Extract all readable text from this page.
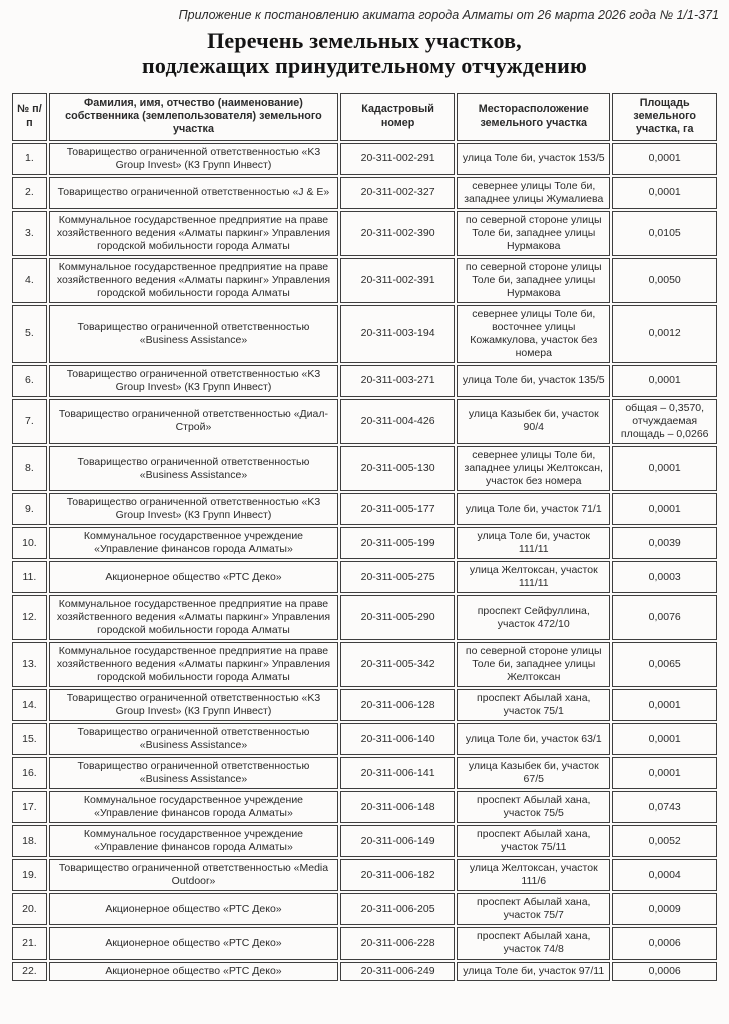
Приложение к постановлению акимата города Алматы от 26 марта 2026 года № 1/1-371
Перечень земельных участков,
подлежащих принудительному отчуждению
№ п/п	Фамилия, имя, отчество (наименование) собственника (землепользователя) земельного участка	Кадастровый номер	Месторасположение земельного участка	Площадь земельного участка, га
1.	Товарищество ограниченной ответственностью «K3 Group Invest» (К3 Групп Инвест)	20-311-002-291	улица Толе би, участок 153/5	0,0001
2.	Товарищество ограниченной ответственностью «J & E»	20-311-002-327	севернее улицы Толе би, западнее улицы Жумалиева	0,0001
3.	Коммунальное государственное предприятие на праве хозяйственного ведения «Алматы паркинг» Управления городской мобильности города Алматы	20-311-002-390	по северной стороне улицы Толе би, западнее улицы Нурмакова	0,0105
4.	Коммунальное государственное предприятие на праве хозяйственного ведения «Алматы паркинг» Управления городской мобильности города Алматы	20-311-002-391	по северной стороне улицы Толе би, западнее улицы Нурмакова	0,0050
5.	Товарищество ограниченной ответственностью «Business Assistance»	20-311-003-194	севернее улицы Толе би, восточнее улицы Кожамкулова, участок без номера	0,0012
6.	Товарищество ограниченной ответственностью «K3 Group Invest» (К3 Групп Инвест)	20-311-003-271	улица Толе би, участок 135/5	0,0001
7.	Товарищество ограниченной ответственностью «Диал-Строй»	20-311-004-426	улица Казыбек би, участок 90/4	общая – 0,3570, отчуждаемая площадь – 0,0266
8.	Товарищество ограниченной ответственностью «Business Assistance»	20-311-005-130	севернее улицы Толе би, западнее улицы Желтоксан, участок без номера	0,0001
9.	Товарищество ограниченной ответственностью «K3 Group Invest» (К3 Групп Инвест)	20-311-005-177	улица Толе би, участок 71/1	0,0001
10.	Коммунальное государственное учреждение «Управление финансов города Алматы»	20-311-005-199	улица Толе би, участок 111/11	0,0039
11.	Акционерное общество «РТС Деко»	20-311-005-275	улица Желтоксан, участок 111/11	0,0003
12.	Коммунальное государственное предприятие на праве хозяйственного ведения «Алматы паркинг» Управления городской мобильности города Алматы	20-311-005-290	проспект Сейфуллина, участок 472/10	0,0076
13.	Коммунальное государственное предприятие на праве хозяйственного ведения «Алматы паркинг» Управления городской мобильности города Алматы	20-311-005-342	по северной стороне улицы Толе би, западнее улицы Желтоксан	0,0065
14.	Товарищество ограниченной ответственностью «K3 Group Invest» (К3 Групп Инвест)	20-311-006-128	проспект Абылай хана, участок 75/1	0,0001
15.	Товарищество ограниченной ответственностью «Business Assistance»	20-311-006-140	улица Толе би, участок 63/1	0,0001
16.	Товарищество ограниченной ответственностью «Business Assistance»	20-311-006-141	улица Казыбек би, участок 67/5	0,0001
17.	Коммунальное государственное учреждение «Управление финансов города Алматы»	20-311-006-148	проспект Абылай хана, участок 75/5	0,0743
18.	Коммунальное государственное учреждение «Управление финансов города Алматы»	20-311-006-149	проспект Абылай хана, участок 75/11	0,0052
19.	Товарищество ограниченной ответственностью «Media Outdoor»	20-311-006-182	улица Желтоксан, участок 111/6	0,0004
20.	Акционерное общество «РТС Деко»	20-311-006-205	проспект Абылай хана, участок 75/7	0,0009
21.	Акционерное общество «РТС Деко»	20-311-006-228	проспект Абылай хана, участок 74/8	0,0006
22.	Акционерное общество «РТС Деко»	20-311-006-249	улица Толе би, участок 97/11	0,0006
